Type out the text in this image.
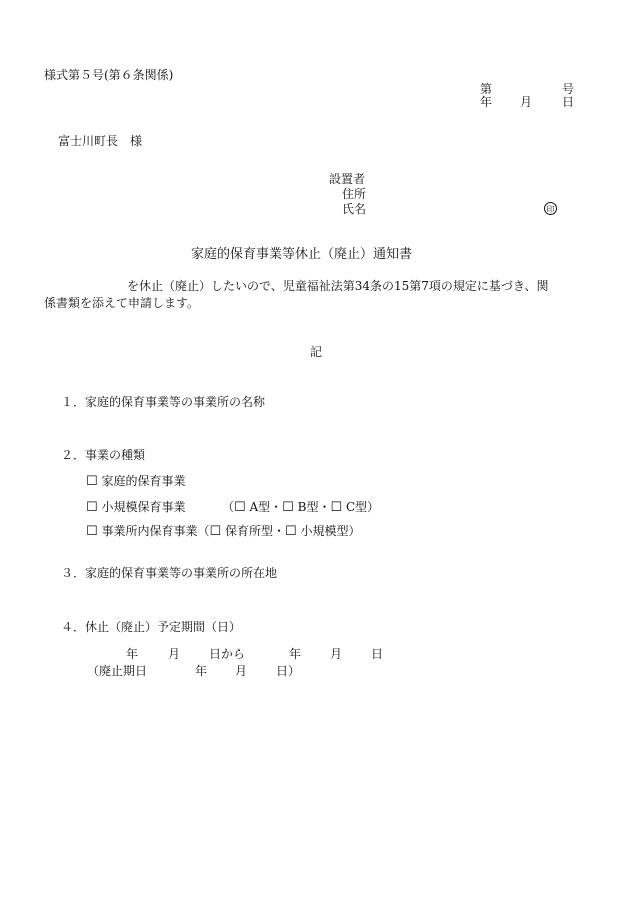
様式第５号(第６条関係)
第	号
年 月 日
富士川町長　様
設置者
住所
氏名	印
家庭的保育事業等休止（廃止）通知書
を休止（廃止）したいので、児童福祉法第34条の15第7項の規定に基づき、関
係書類を添えて申請します。
記
１．家庭的保育事業等の事業所の名称
２．事業の種類
☐ 家庭的保育事業
☐ 小規模保育事業	（☐ A型・☐ B型・☐ C型）
☐ 事業所内保育事業（☐ 保育所型・☐ 小規模型）
３．家庭的保育事業等の事業所の所在地
４．休止（廃止）予定期間（日）
年 月 日から	年 月 日
（廃止期日	年 月 日）
